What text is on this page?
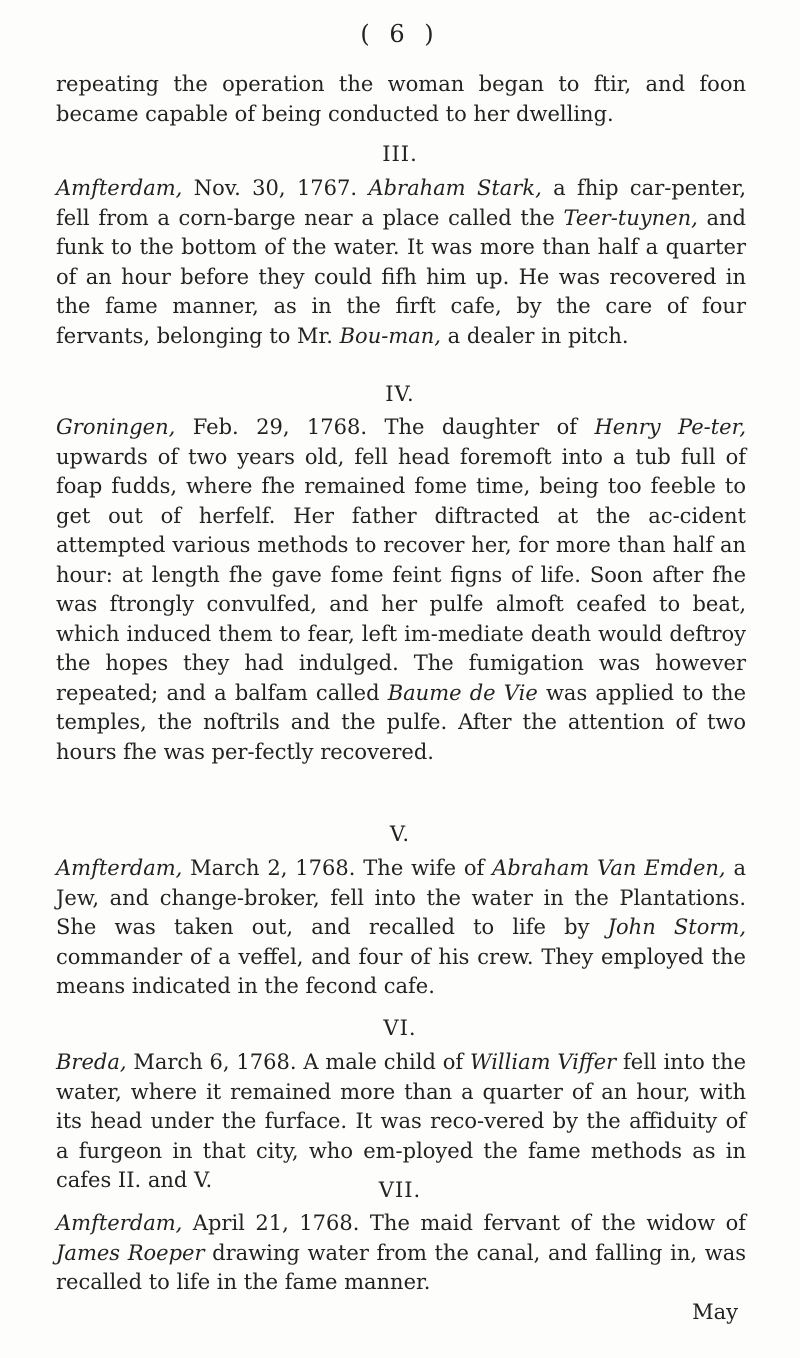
( 6 )

repeating the operation the woman began to ftir, and foon became capable of being conducted to her dwelling.

III.

Amfterdam, Nov. 30, 1767. Abraham Stark, a fhip car-penter, fell from a corn-barge near a place called the Teer-tuynen, and funk to the bottom of the water. It was more than half a quarter of an hour before they could fifh him up. He was recovered in the fame manner, as in the firft cafe, by the care of four fervants, belonging to Mr. Bou-man, a dealer in pitch.

IV.

Groningen, Feb. 29, 1768. The daughter of Henry Pe-ter, upwards of two years old, fell head foremoft into a tub full of foap fudds, where fhe remained fome time, being too feeble to get out of herfelf. Her father diftracted at the ac-cident attempted various methods to recover her, for more than half an hour: at length fhe gave fome feint figns of life. Soon after fhe was ftrongly convulfed, and her pulfe almoft ceafed to beat, which induced them to fear, left im-mediate death would deftroy the hopes they had indulged. The fumigation was however repeated; and a balfam called Baume de Vie was applied to the temples, the noftrils and the pulfe. After the attention of two hours fhe was per-fectly recovered.

V.

Amfterdam, March 2, 1768. The wife of Abraham Van Emden, a Jew, and change-broker, fell into the water in the Plantations. She was taken out, and recalled to life by John Storm, commander of a veffel, and four of his crew. They employed the means indicated in the fecond cafe.

VI.

Breda, March 6, 1768. A male child of William Viffer fell into the water, where it remained more than a quarter of an hour, with its head under the furface. It was reco-vered by the affiduity of a furgeon in that city, who em-ployed the fame methods as in cafes II. and V.	VII.

Amfterdam, April 21, 1768. The maid fervant of the widow of James Roeper drawing water from the canal, and falling in, was recalled to life in the fame manner.

May
